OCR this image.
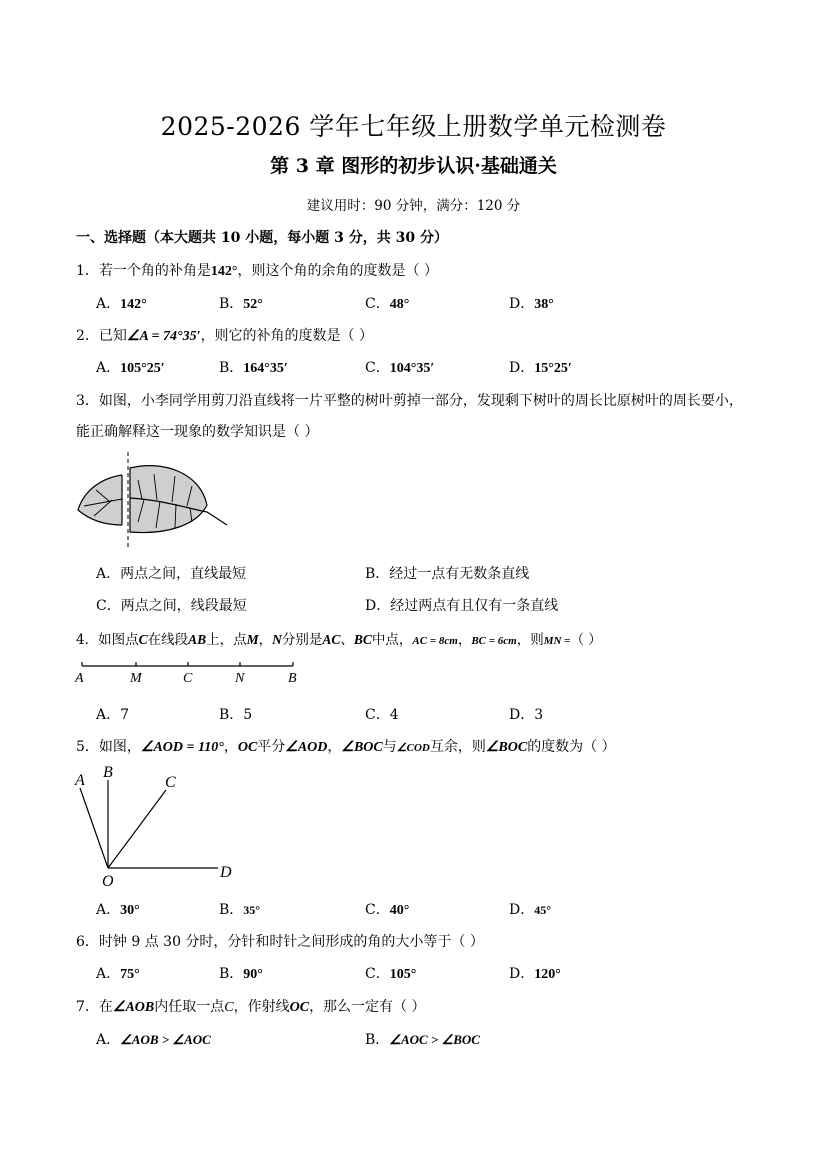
2025-2026 学年七年级上册数学单元检测卷
第 3 章 图形的初步认识·基础通关
建议用时：90 分钟，满分：120 分
一、选择题（本大题共 10 小题，每小题 3 分，共 30 分）
1．若一个角的补角是142°，则这个角的余角的度数是（ ）
A．142°	B．52°	C．48°	D．38°
2．已知∠A = 74°35′，则它的补角的度数是（ ）
A．105°25′	B．164°35′	C．104°35′	D．15°25′
3．如图，小李同学用剪刀沿直线将一片平整的树叶剪掉一部分，发现剩下树叶的周长比原树叶的周长要小，
能正确解释这一现象的数学知识是（ ）
A．两点之间，直线最短	B．经过一点有无数条直线
C．两点之间，线段最短	D．经过两点有且仅有一条直线
4．如图点C在线段AB上，点M，N分别是AC、BC中点，AC = 8cm，BC = 6cm，则MN =（ ）
A	M	C	N	B
A．7	B．5	C．4	D．3
5．如图，∠AOD = 110°，OC平分∠AOD，∠BOC与∠COD互余，则∠BOC的度数为（ ）
A B
C
O
D
A．30°	B．35°	C．40°	D．45°
6．时钟 9 点 30 分时，分针和时针之间形成的角的大小等于（ ）
A．75°	B．90°	C．105°	D．120°
7．在∠AOB内任取一点C，作射线OC，那么一定有（ ）
A．∠AOB > ∠AOC	B．∠AOC > ∠BOC
